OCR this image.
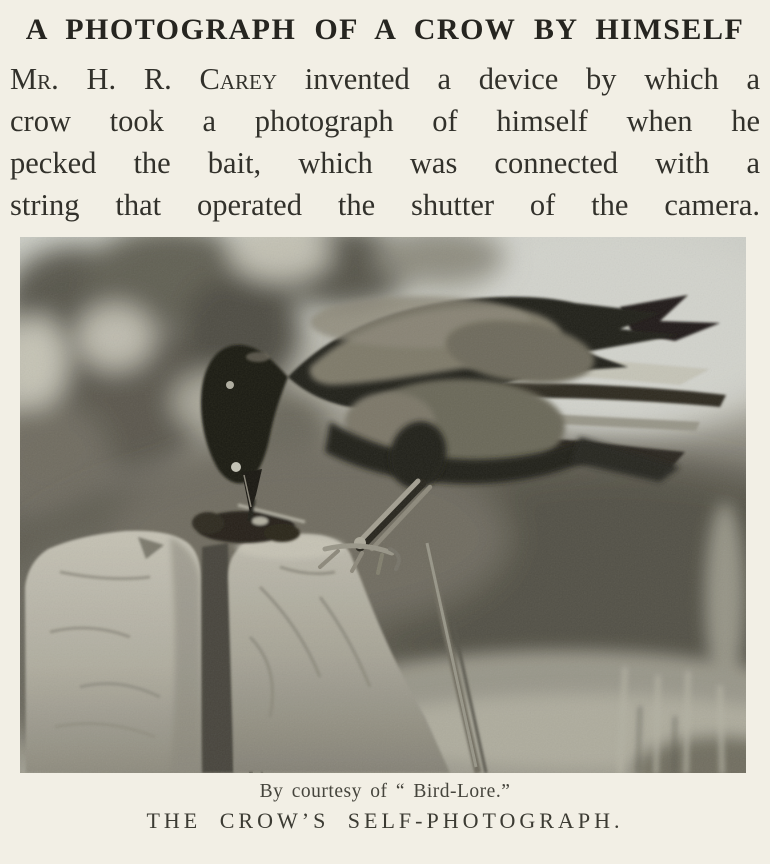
A PHOTOGRAPH OF A CROW BY HIMSELF
Mr. H. R. Carey invented a device by which a
crow took a photograph of himself when he
pecked the bait, which was connected with a
string that operated the shutter of the camera.
By courtesy of “ Bird-Lore.”
THE CROW’S SELF-PHOTOGRAPH.
